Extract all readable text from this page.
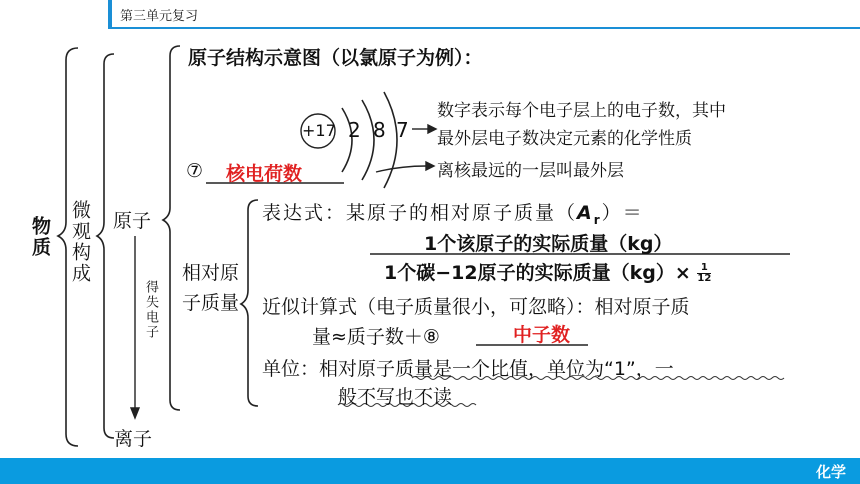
第三单元复习
物质 微观构成 原子
得失电子
离子
相对原子质量
原子结构示意图（以氯原子为例）：
+17 2 8 7
数字表示每个电子层上的电子数，其中
最外层电子数决定元素的化学性质
离核最远的一层叫最外层
⑦ 核电荷数
表达式：某原子的相对原子质量$(A_r)=$
1个该原子的实际质量（kg）
1个碳−12原子的实际质量$(kg)\times \frac{1}{12}$
近似计算式（电子质量很小，可忽略）：相对原子质
量≈质子数＋⑧	中子数
单位：相对原子质量是一个比值，单位为“1”，一
般不写也不读
化学
